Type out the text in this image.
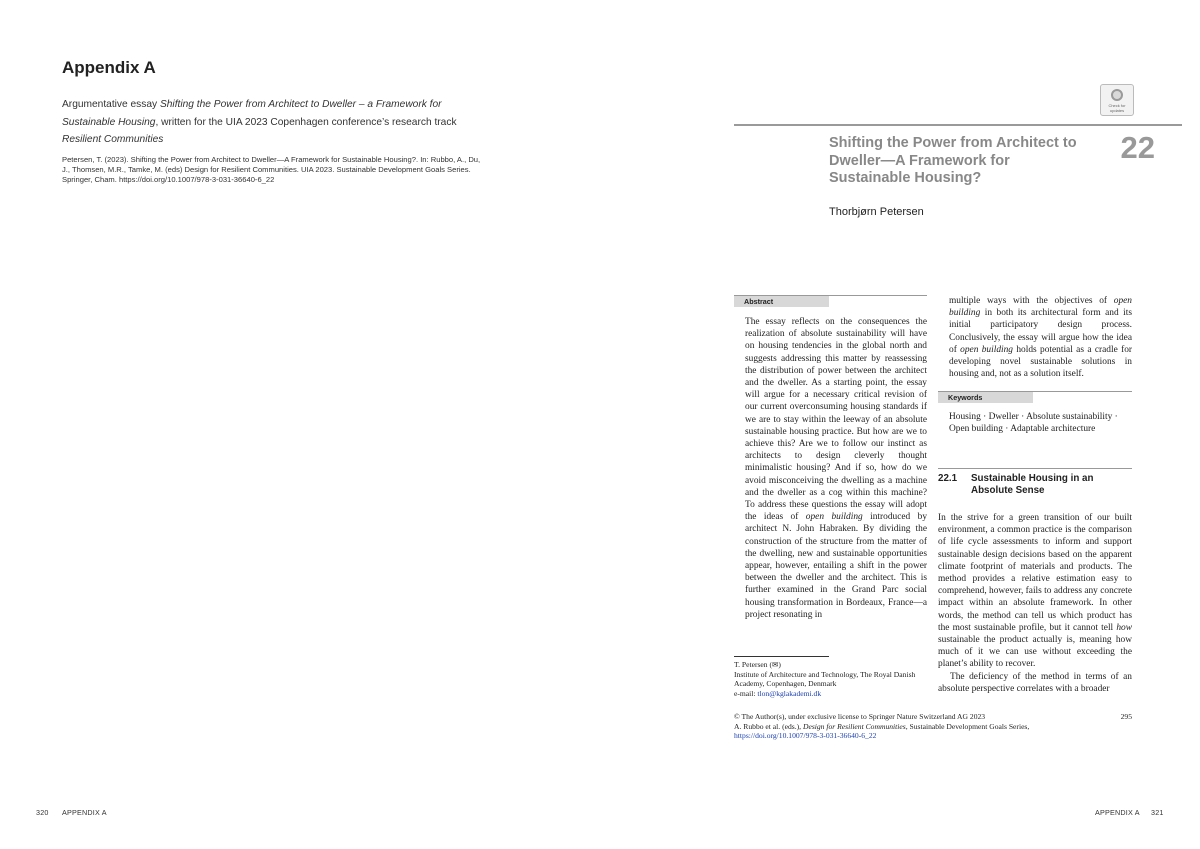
Appendix A
Argumentative essay Shifting the Power from Architect to Dweller – a Framework for Sustainable Housing, written for the UIA 2023 Copenhagen conference’s research track Resilient Communities
Petersen, T. (2023). Shifting the Power from Architect to Dweller—A Framework for Sustainable Housing?. In: Rubbo, A., Du, J., Thomsen, M.R., Tamke, M. (eds) Design for Resilient Communities. UIA 2023. Sustainable Development Goals Series. Springer, Cham. https://doi.org/10.1007/978-3-031-36640-6_22
320 APPENDIX A
Check for updates
Shifting the Power from Architect to Dweller—A Framework for Sustainable Housing?
22
Thorbjørn Petersen
Abstract
The essay reflects on the consequences the realization of absolute sustainability will have on housing tendencies in the global north and suggests addressing this matter by reassessing the distribution of power between the architect and the dweller. As a starting point, the essay will argue for a necessary critical revision of our current overconsuming housing standards if we are to stay within the leeway of an absolute sustainable housing practice. But how are we to achieve this? Are we to follow our instinct as architects to design cleverly thought minimalistic housing? And if so, how do we avoid misconceiving the dwelling as a machine and the dweller as a cog within this machine? To address these questions the essay will adopt the ideas of open building introduced by architect N. John Habraken. By dividing the construction of the structure from the matter of the dwelling, new and sustainable opportunities appear, however, entailing a shift in the power between the dweller and the architect. This is further examined in the Grand Parc social housing transformation in Bordeaux, France—a project resonating in
multiple ways with the objectives of open building in both its architectural form and its initial participatory design process. Conclusively, the essay will argue how the idea of open building holds potential as a cradle for developing novel sustainable solutions in housing and, not as a solution itself.
Keywords
Housing · Dweller · Absolute sustainability · Open building · Adaptable architecture
22.1 Sustainable Housing in an Absolute Sense
In the strive for a green transition of our built environment, a common practice is the comparison of life cycle assessments to inform and support sustainable design decisions based on the apparent climate footprint of materials and products. The method provides a relative estimation easy to comprehend, however, fails to address any concrete impact within an absolute framework. In other words, the method can tell us which product has the most sustainable profile, but it cannot tell how sustainable the product actually is, meaning how much of it we can use without exceeding the planet’s ability to recover.
The deficiency of the method in terms of an absolute perspective correlates with a broader
T. Petersen (✉)
Institute of Architecture and Technology, The Royal Danish Academy, Copenhagen, Denmark
e-mail: tlon@kglakademi.dk
© The Author(s), under exclusive license to Springer Nature Switzerland AG 2023
A. Rubbo et al. (eds.), Design for Resilient Communities, Sustainable Development Goals Series,
https://doi.org/10.1007/978-3-031-36640-6_22
295
APPENDIX A 321
